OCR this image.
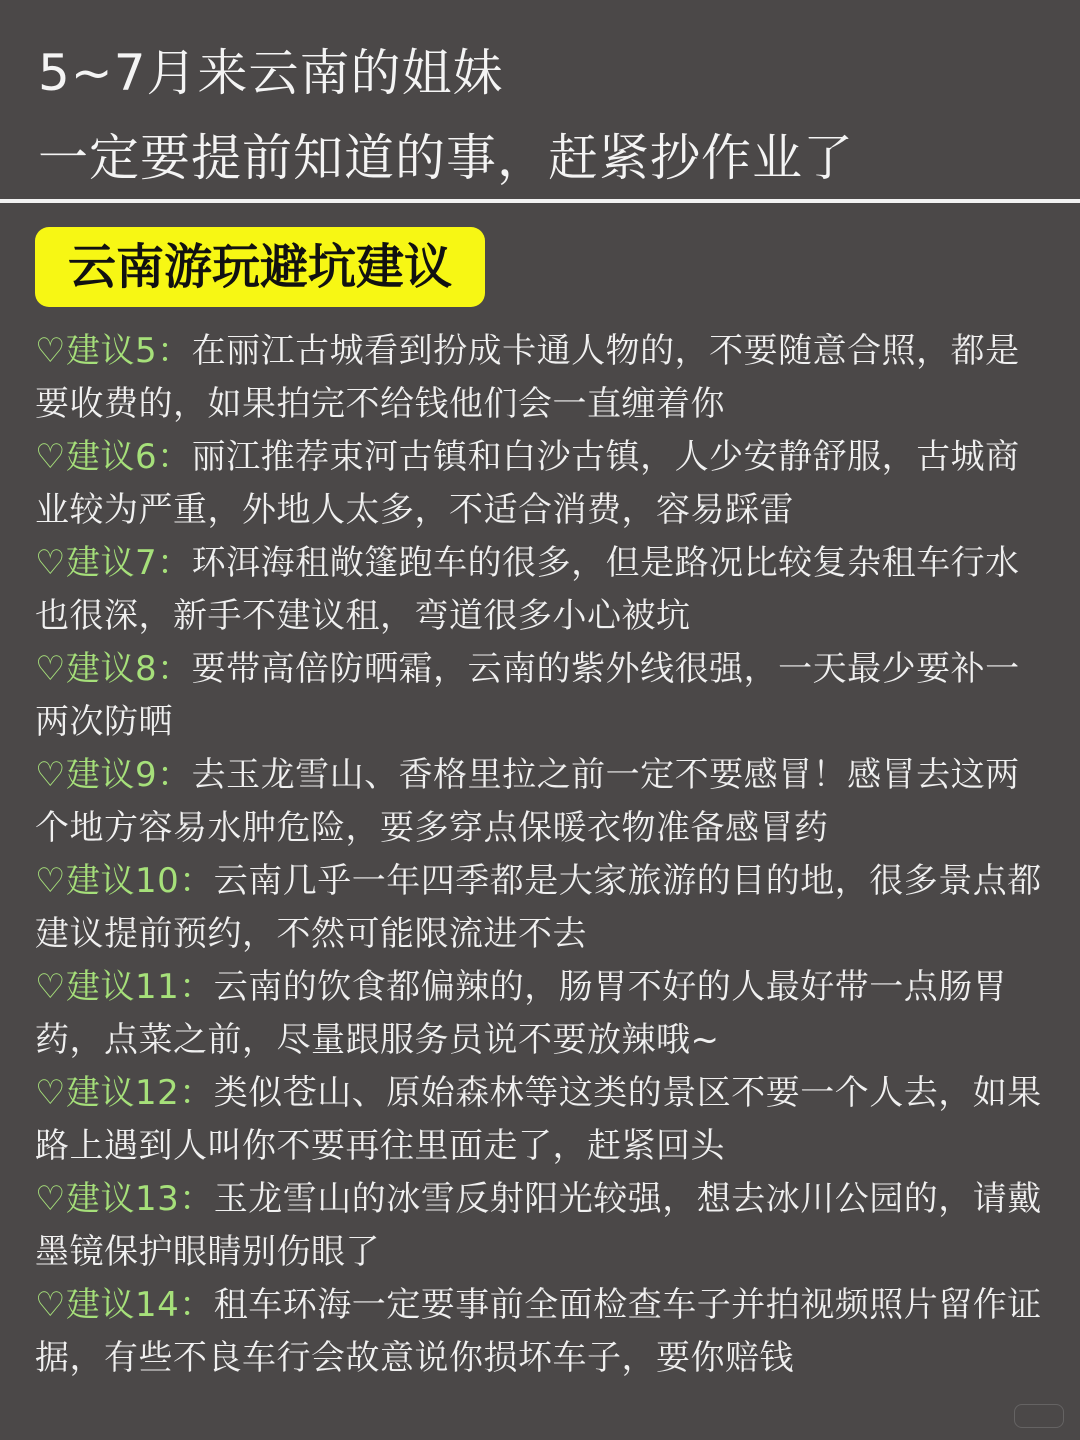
5~7月来云南的姐妹
一定要提前知道的事，赶紧抄作业了
云南游玩避坑建议

♡建议5：在丽江古城看到扮成卡通人物的，不要随意合照，都是要收费的，如果拍完不给钱他们会一直缠着你

♡建议6：丽江推荐束河古镇和白沙古镇，人少安静舒服，古城商业较为严重，外地人太多，不适合消费，容易踩雷

♡建议7：环洱海租敞篷跑车的很多，但是路况比较复杂租车行水也很深，新手不建议租，弯道很多小心被坑

♡建议8：要带高倍防晒霜，云南的紫外线很强，一天最少要补一两次防晒

♡建议9：去玉龙雪山、香格里拉之前一定不要感冒！感冒去这两个地方容易水肿危险，要多穿点保暖衣物准备感冒药

♡建议10：云南几乎一年四季都是大家旅游的目的地，很多景点都建议提前预约，不然可能限流进不去

♡建议11：云南的饮食都偏辣的，肠胃不好的人最好带一点肠胃药，点菜之前，尽量跟服务员说不要放辣哦~

♡建议12：类似苍山、原始森林等这类的景区不要一个人去，如果路上遇到人叫你不要再往里面走了，赶紧回头

♡建议13：玉龙雪山的冰雪反射阳光较强，想去冰川公园的，请戴墨镜保护眼睛别伤眼了

♡建议14：租车环海一定要事前全面检查车子并拍视频照片留作证据，有些不良车行会故意说你损坏车子，要你赔钱
